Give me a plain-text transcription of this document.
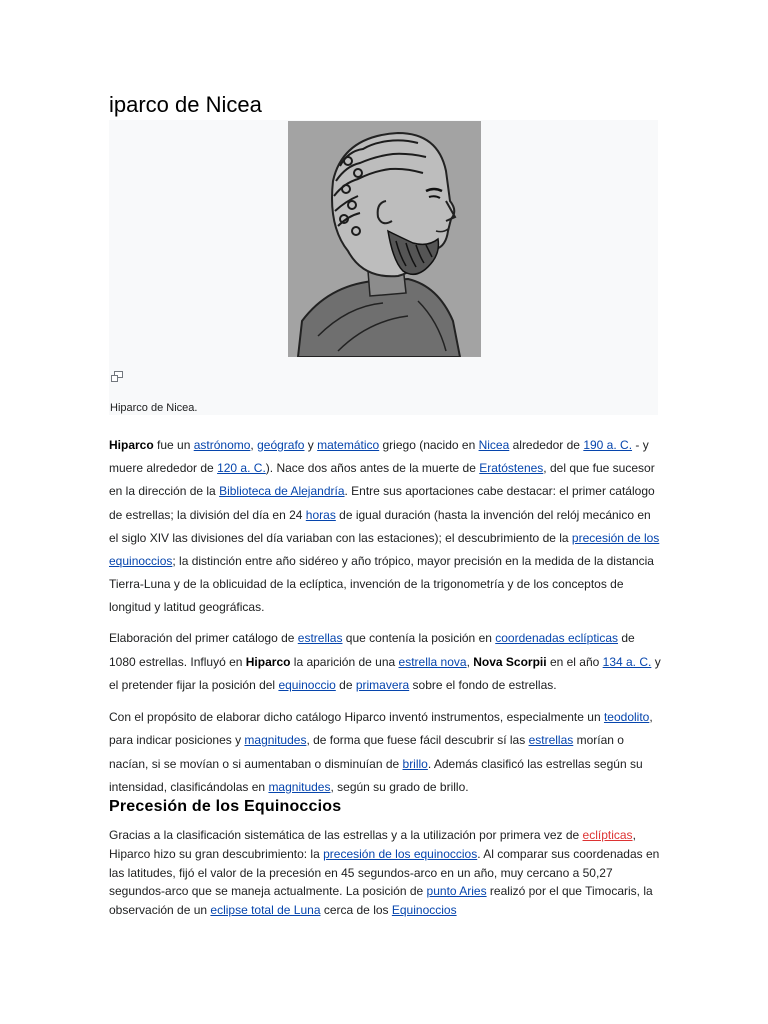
iparco de Nicea
Hiparco de Nicea.

Hiparco fue un astrónomo, geógrafo y matemático griego (nacido en Nicea alrededor de 190 a. C. - y muere alrededor de 120 a. C.). Nace dos años antes de la muerte de Eratóstenes, del que fue sucesor en la dirección de la Biblioteca de Alejandría. Entre sus aportaciones cabe destacar: el primer catálogo de estrellas; la división del día en 24 horas de igual duración (hasta la invención del relój mecánico en el siglo XIV las divisiones del día variaban con las estaciones); el descubrimiento de la precesión de los equinoccios; la distinción entre año sidéreo y año trópico, mayor precisión en la medida de la distancia Tierra-Luna y de la oblicuidad de la eclíptica, invención de la trigonometría y de los conceptos de longitud y latitud geográficas.

Elaboración del primer catálogo de estrellas que contenía la posición en coordenadas eclípticas de 1080 estrellas. Influyó en Hiparco la aparición de una estrella nova, Nova Scorpii en el año 134 a. C. y el pretender fijar la posición del equinoccio de primavera sobre el fondo de estrellas.

Con el propósito de elaborar dicho catálogo Hiparco inventó instrumentos, especialmente un teodolito, para indicar posiciones y magnitudes, de forma que fuese fácil descubrir sí las estrellas morían o nacían, si se movían o si aumentaban o disminuían de brillo. Además clasificó las estrellas según su intensidad, clasificándolas en magnitudes, según su grado de brillo.

Precesión de los Equinoccios

Gracias a la clasificación sistemática de las estrellas y a la utilización por primera vez de eclípticas, Hiparco hizo su gran descubrimiento: la precesión de los equinoccios. Al comparar sus coordenadas en las latitudes, fijó el valor de la precesión en 45 segundos-arco en un año, muy cercano a 50,27 segundos-arco que se maneja actualmente. La posición de punto Aries realizó por el que Timocaris, la observación de un eclipse total de Luna cerca de los Equinoccios
